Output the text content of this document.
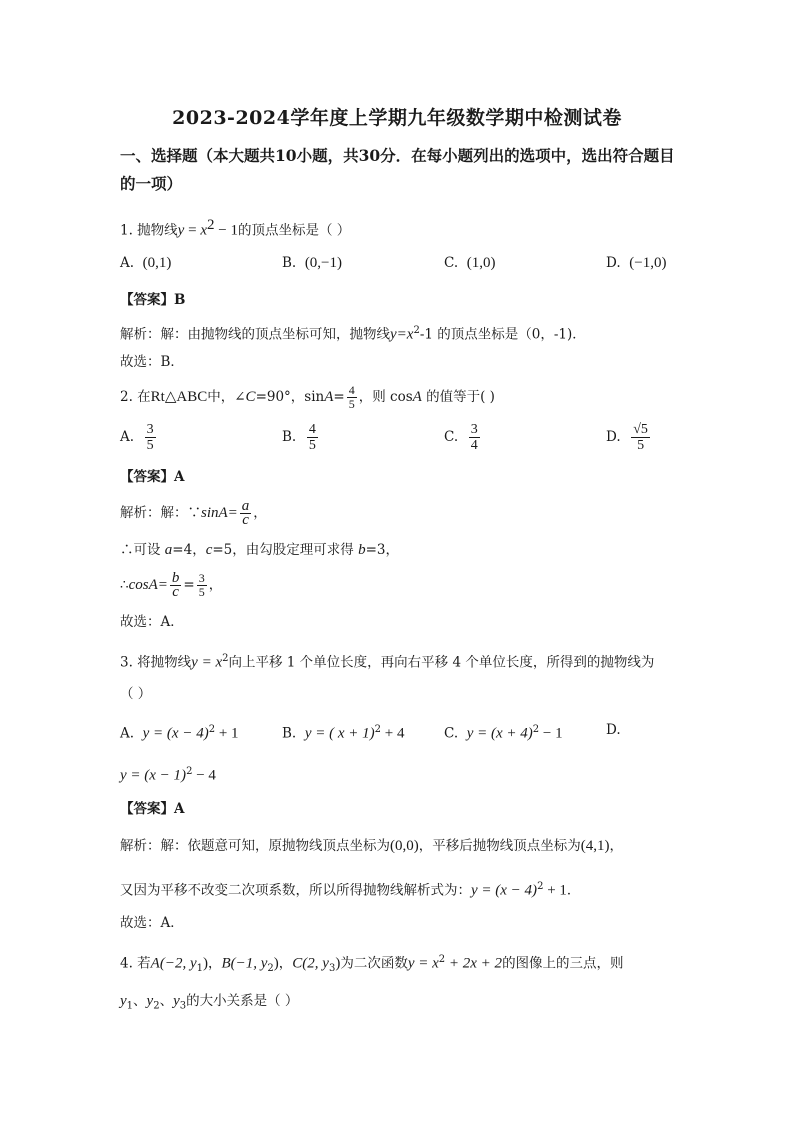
2023-2024学年度上学期九年级数学期中检测试卷
一、选择题（本大题共10小题，共30分．在每小题列出的选项中，选出符合题目的一项）
1. 抛物线$y = x^2 - 1$的顶点坐标是（ ）
A. (0,1)	B. (0,−1)	C. (1,0)	D. (−1,0)
【答案】B
解析：解：由抛物线的顶点坐标可知，抛物线$y=x^2-1$ 的顶点坐标是（0，-1)．
故选：B．
2. 在Rt△ABC中，∠C=90°，$\sin A= \frac{4}{5}$ ，则 cosA 的值等于( )
A. $\frac{3}{5}$	B. $\frac{4}{5}$	C. $\frac{3}{4}$	D. $\frac{√5}{5}$
【答案】A
解析：解：∵sinA= $\frac{a}{c}$ ，
∴可设 a=4，c=5，由勾股定理可求得 b=3，
∴cosA= $\frac{b}{c} = \frac{3}{5}$ ，
故选：A．
3. 将抛物线$y = x^2$向上平移 1 个单位长度，再向右平移 4 个单位长度，所得到的抛物线为
（ ）
A. $y = (x - 4)^2 + 1$	B. y = ( x + 1)$^2$ + 4	C. $y = (x + 4)^2 - 1$	D.
$y = (x - 1)^2 - 4$
【答案】A
解析：解：依题意可知，原抛物线顶点坐标为(0,0)，平移后抛物线顶点坐标为(4,1)，
又因为平移不改变二次项系数，所以所得抛物线解析式为：$y = (x - 4)^2 + 1$．
故选：A．
4. 若A(−2, $y_1$)，B(−1, $y_2$)，C(2, $y_3$)为二次函数$y = x^2 + 2x + 2$的图像上的三点，则
$y_1$、$y_2$、$y_3$的大小关系是（ ）
